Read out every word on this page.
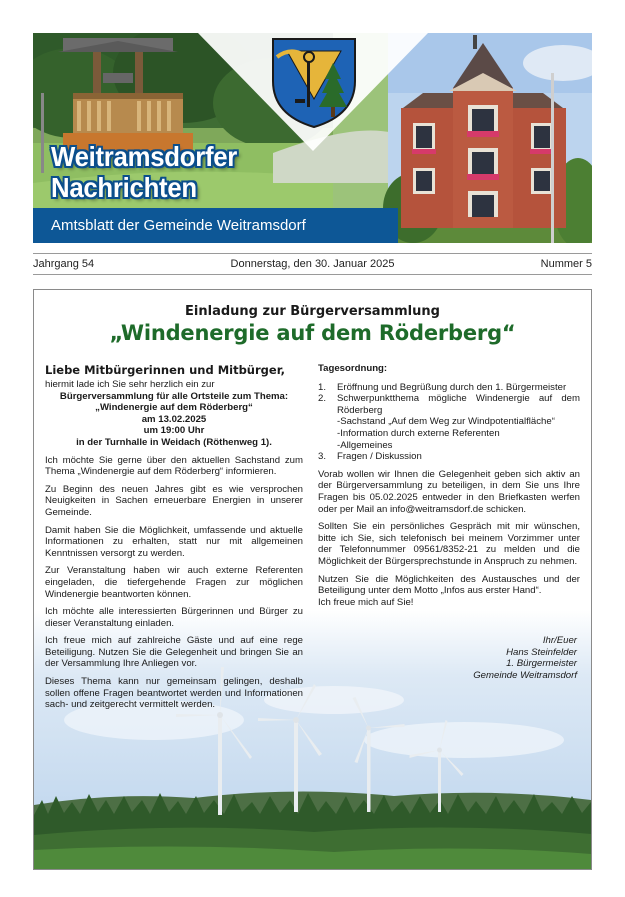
Weitramsdorfer
Nachrichten
Amtsblatt der Gemeinde Weitramsdorf
Jahrgang 54	Donnerstag, den 30. Januar 2025	Nummer 5
Einladung zur Bürgerversammlung
„Windenergie auf dem Röderberg“

Liebe Mitbürgerinnen und Mitbürger,

hiermit lade ich Sie sehr herzlich ein zur

Bürgerversammlung für alle Ortsteile zum Thema:

„Windenergie auf dem Röderberg“

am 13.02.2025

um 19:00 Uhr

in der Turnhalle in Weidach (Röthenweg 1).

Ich möchte Sie gerne über den aktuellen Sachstand zum Thema „Windenergie auf dem Röderberg“ informieren.

Zu Beginn des neuen Jahres gibt es wie versprochen Neuigkeiten in Sachen erneuerbare Energien in unserer Gemeinde.

Damit haben Sie die Möglichkeit, umfassende und aktuelle Informationen zu erhalten, statt nur mit allgemeinen Kenntnissen versorgt zu werden.

Zur Veranstaltung haben wir auch externe Referenten eingeladen, die tiefergehende Fragen zur möglichen Windenergie beantworten können.

Ich möchte alle interessierten Bürgerinnen und Bürger zu dieser Veranstaltung einladen.

Ich freue mich auf zahlreiche Gäste und auf eine rege Beteiligung. Nutzen Sie die Gelegenheit und bringen Sie an der Versammlung Ihre Anliegen vor.

Dieses Thema kann nur gemeinsam gelingen, deshalb sollen offene Fragen beantwortet werden und Informationen sach- und zeitgerecht vermittelt werden.

Tagesordnung:

1. Eröffnung und Begrüßung durch den 1. Bürgermeister
2. Schwerpunktthema mögliche Windenergie auf dem Röderberg
-Sachstand „Auf dem Weg zur Windpotentialfläche“
-Information durch externe Referenten
-Allgemeines
3. Fragen / Diskussion

Vorab wollen wir Ihnen die Gelegenheit geben sich aktiv an der Bürgerversammlung zu beteiligen, in dem Sie uns Ihre Fragen bis 05.02.2025 entweder in den Briefkasten werfen oder per Mail an info@weitramsdorf.de schicken.

Sollten Sie ein persönliches Gespräch mit mir wünschen, bitte ich Sie, sich telefonisch bei meinem Vorzimmer unter der Telefonnummer 09561/8352-21 zu melden und die Möglichkeit der Bürgersprechstunde in Anspruch zu nehmen.

Nutzen Sie die Möglichkeiten des Austausches und der Beteiligung unter dem Motto „Infos aus erster Hand“.

Ich freue mich auf Sie!

Ihr/Euer
Hans Steinfelder
1. Bürgermeister
Gemeinde Weitramsdorf
